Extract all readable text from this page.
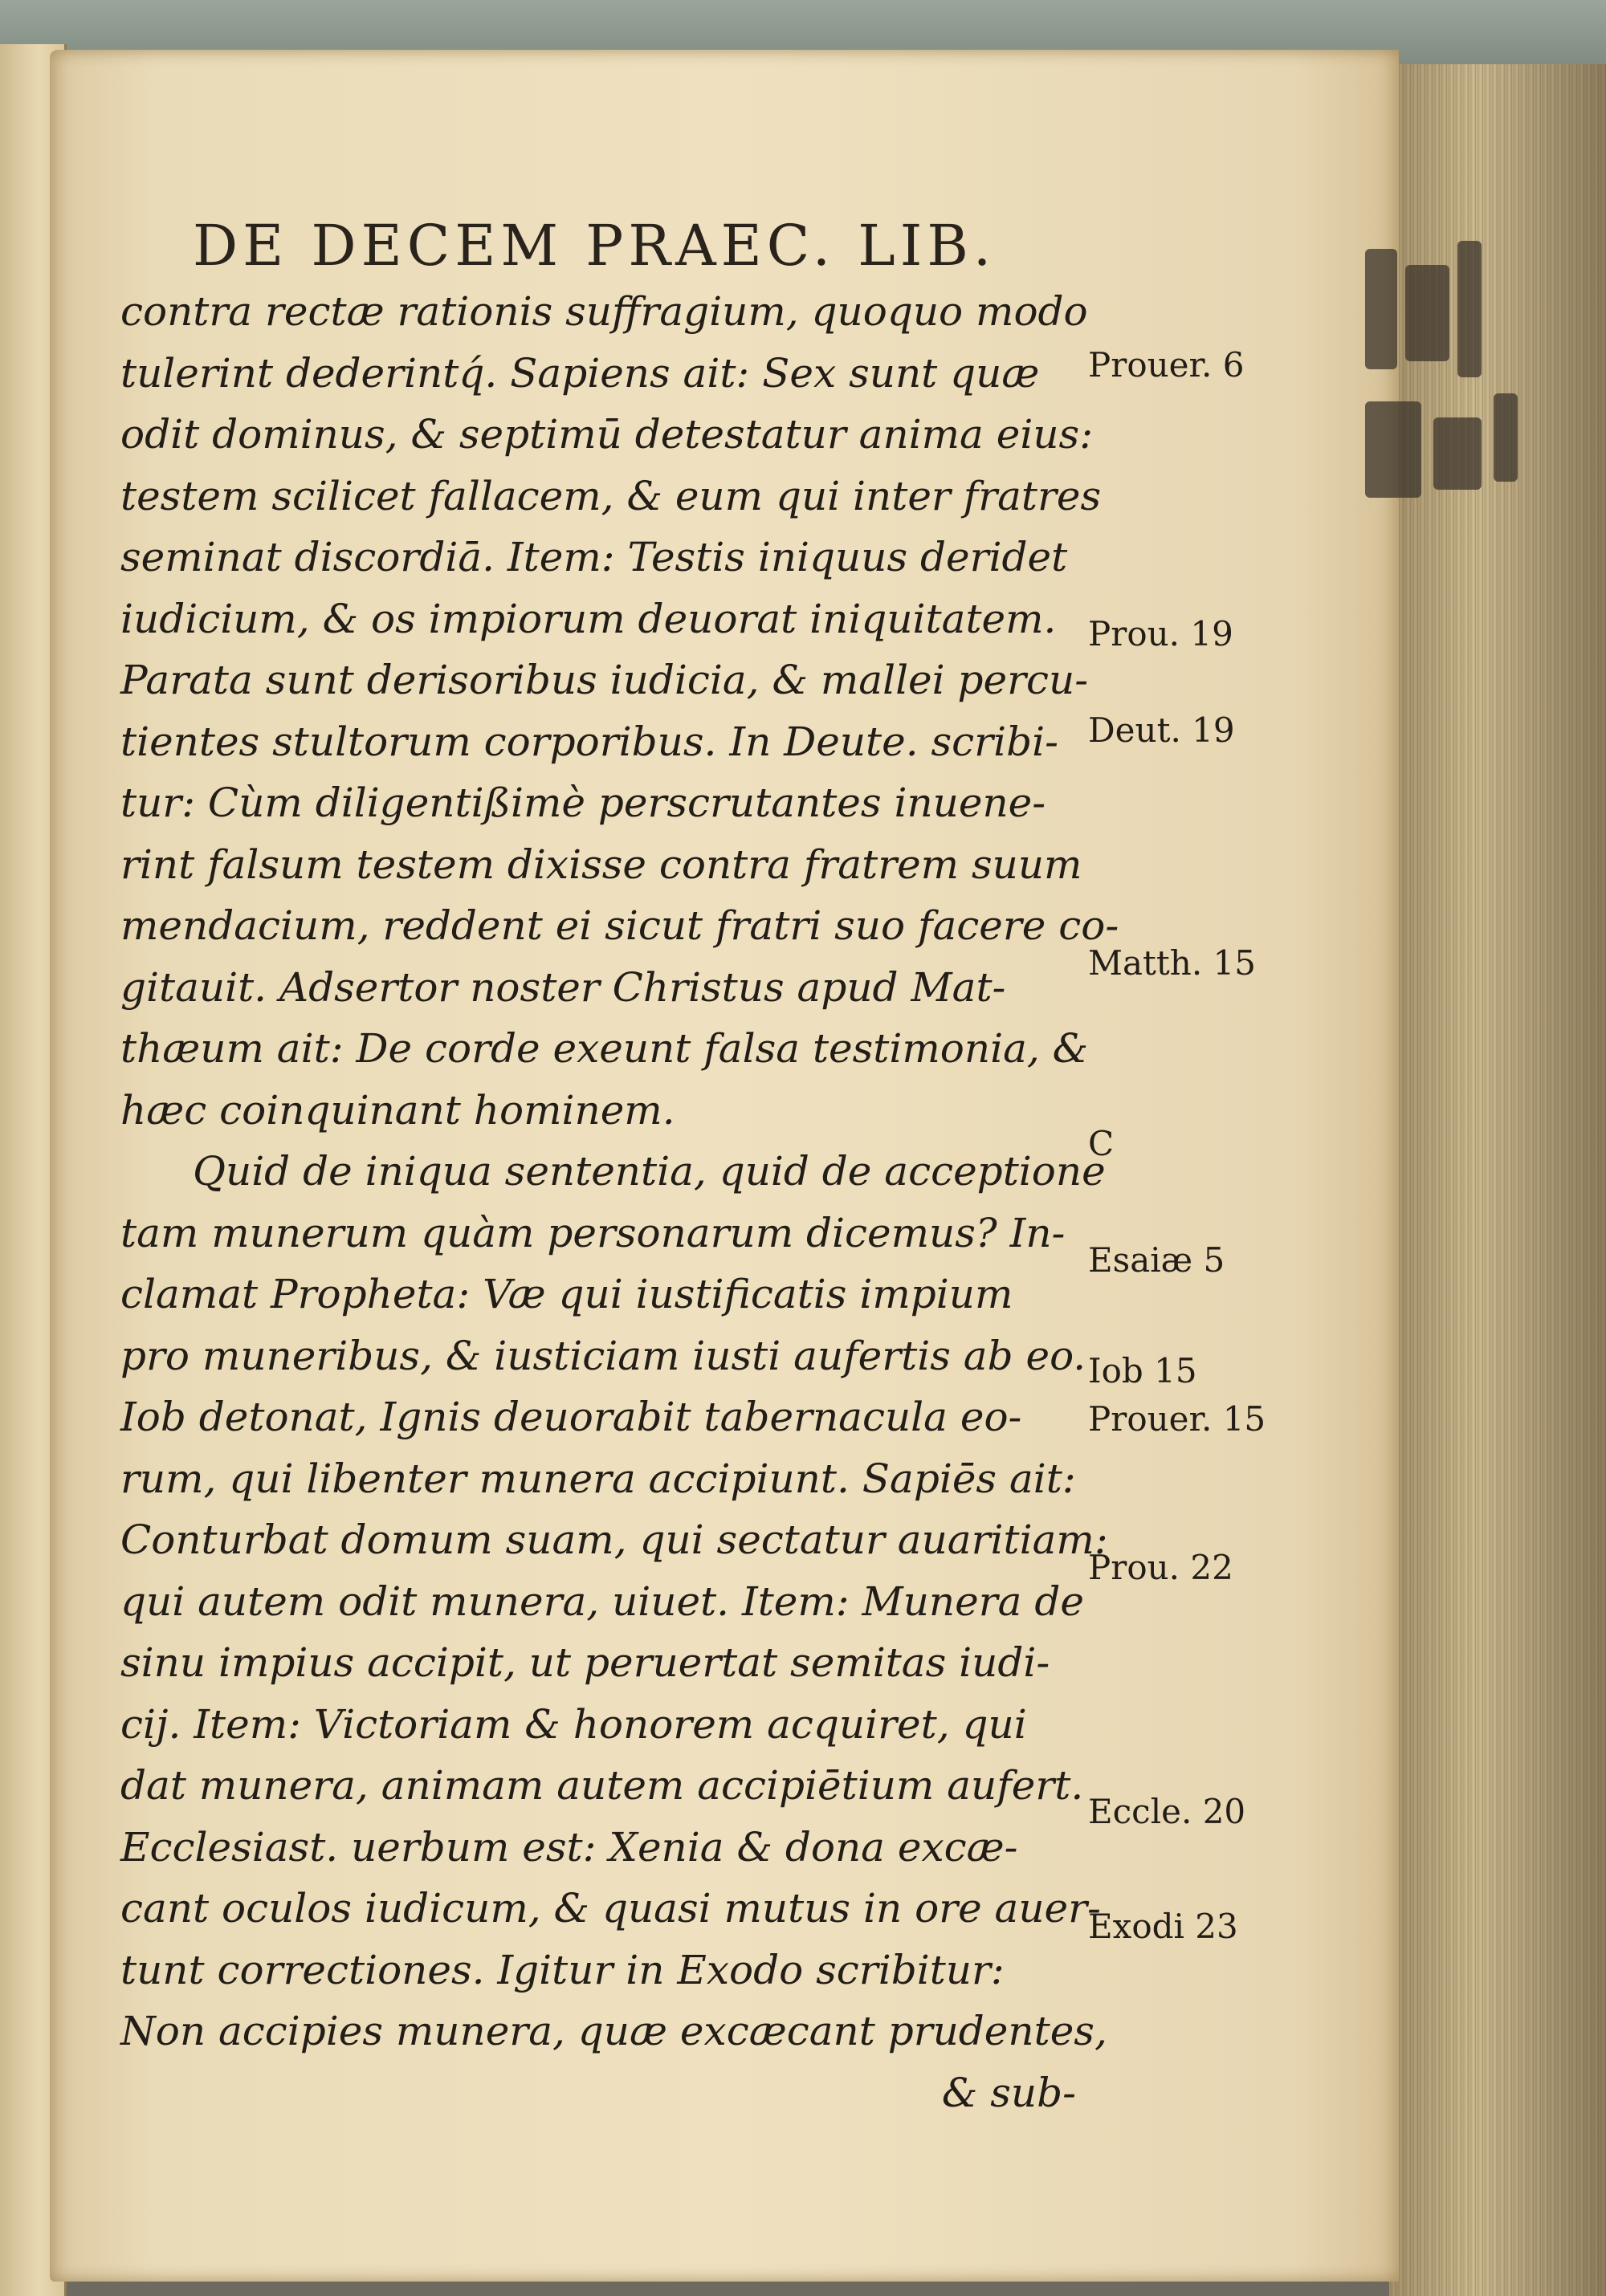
DE DECEM PRAEC. LIB.
contra rectæ rationis suffragium, quoquo modo
tulerint dederintq́. Sapiens ait: Sex sunt quæ
odit dominus, & septimū detestatur anima eius:
testem scilicet fallacem, & eum qui inter fratres
seminat discordiā. Item: Testis iniquus deridet
iudicium, & os impiorum deuorat iniquitatem.
Parata sunt derisoribus iudicia, & mallei percu-
tientes stultorum corporibus. In Deute. scribi-
tur: Cùm diligentißimè perscrutantes inuene-
rint falsum testem dixisse contra fratrem suum
mendacium, reddent ei sicut fratri suo facere co-
gitauit. Adsertor noster Christus apud Mat-
thæum ait: De corde exeunt falsa testimonia, &
hæc coinquinant hominem.
Quid de iniqua sententia, quid de acceptione
tam munerum quàm personarum dicemus? In-
clamat Propheta: Væ qui iustificatis impium
pro muneribus, & iusticiam iusti aufertis ab eo.
Iob detonat, Ignis deuorabit tabernacula eo-
rum, qui libenter munera accipiunt. Sapiēs ait:
Conturbat domum suam, qui sectatur auaritiam:
qui autem odit munera, uiuet. Item: Munera de
sinu impius accipit, ut peruertat semitas iudi-
cij. Item: Victoriam & honorem acquiret, qui
dat munera, animam autem accipiētium aufert.
Ecclesiast. uerbum est: Xenia & dona excæ-
cant oculos iudicum, & quasi mutus in ore auer-
tunt correctiones. Igitur in Exodo scribitur:
Non accipies munera, quæ excæcant prudentes,
& sub-
Prouer. 6
Prou. 19
Deut. 19
Matth. 15
C
Esaiæ 5
Iob 15
Prouer. 15
Prou. 22
Eccle. 20
Exodi 23
